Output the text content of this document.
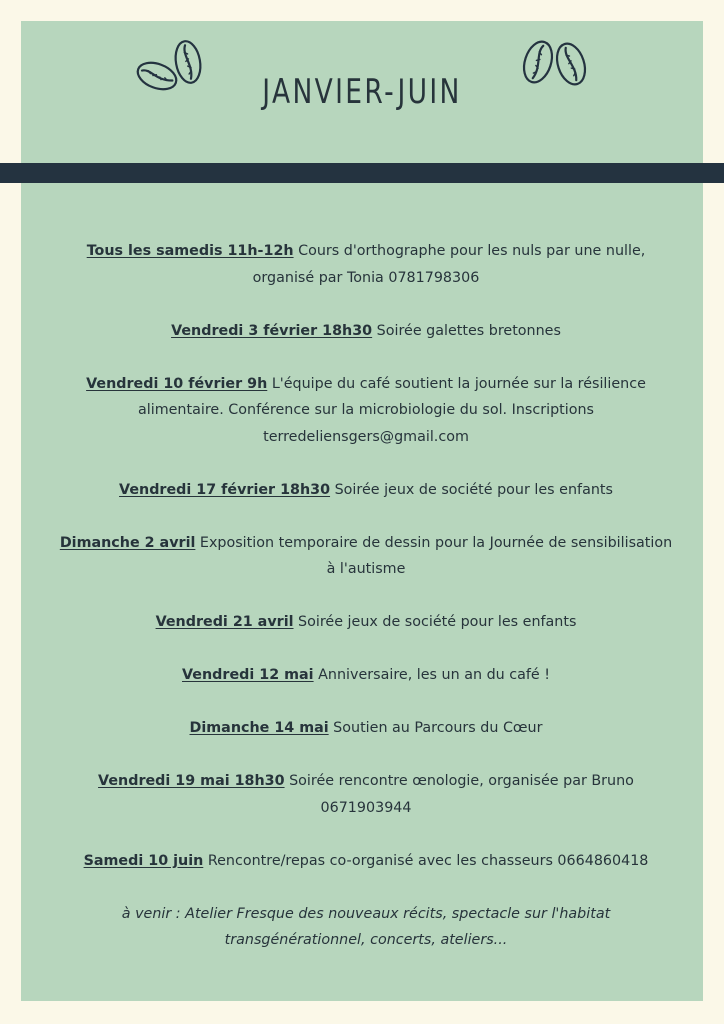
JANVIER-JUIN

Tous les samedis 11h-12h Cours d'orthographe pour les nuls par une nulle, organisé par Tonia 0781798306

Vendredi 3 février 18h30 Soirée galettes bretonnes

Vendredi 10 février 9h L'équipe du café soutient la journée sur la résilience alimentaire. Conférence sur la microbiologie du sol. Inscriptions terredeliensgers@gmail.com

Vendredi 17 février 18h30 Soirée jeux de société pour les enfants

Dimanche 2 avril Exposition temporaire de dessin pour la Journée de sensibilisation à l'autisme

Vendredi 21 avril Soirée jeux de société pour les enfants

Vendredi 12 mai Anniversaire, les un an du café !

Dimanche 14 mai Soutien au Parcours du Cœur

Vendredi 19 mai 18h30 Soirée rencontre œnologie, organisée par Bruno 0671903944

Samedi 10 juin Rencontre/repas co-organisé avec les chasseurs 0664860418

à venir : Atelier Fresque des nouveaux récits, spectacle sur l'habitat transgénérationnel, concerts, ateliers...
